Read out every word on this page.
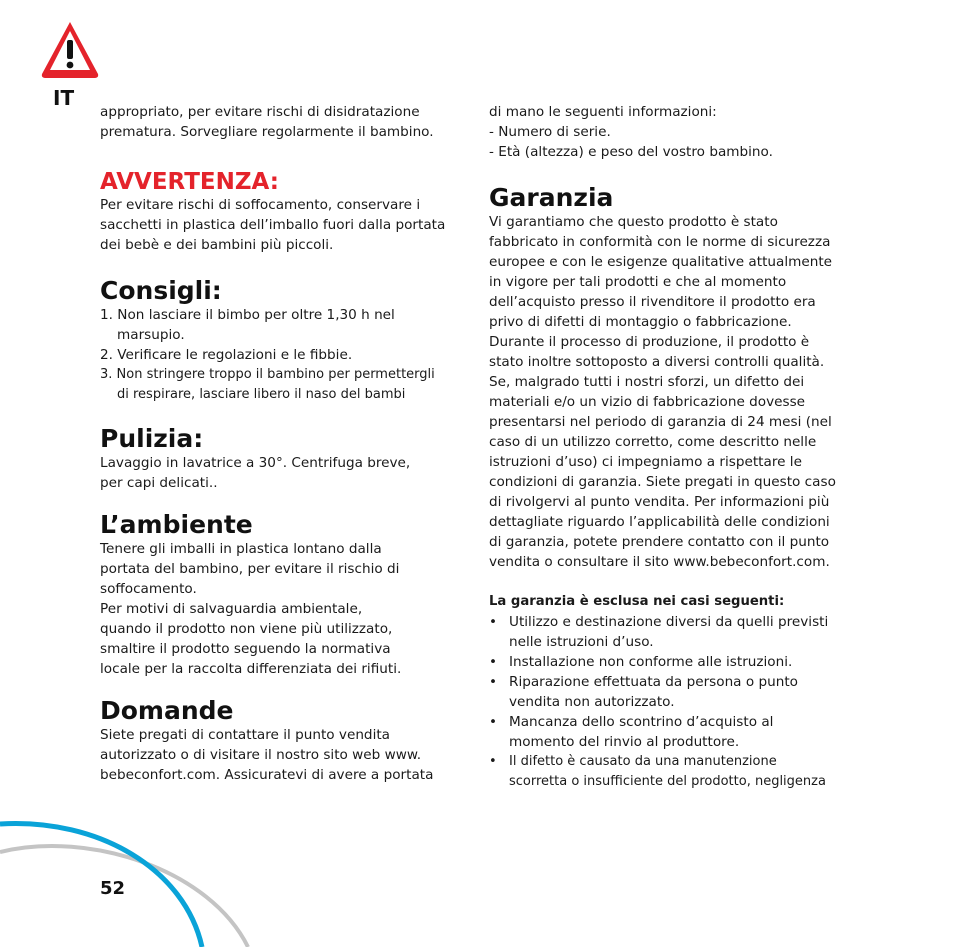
IT

appropriato, per evitare rischi di disidratazione

prematura. Sorvegliare regolarmente il bambino.

AVVERTENZA:

Per evitare rischi di soffocamento, conservare i

sacchetti in plastica dell’imballo fuori dalla portata

dei bebè e dei bambini più piccoli.

Consigli:
1. Non lasciare il bimbo per oltre 1,30 h nel
marsupio.
2. Verificare le regolazioni e le fibbie.
3. Non stringere troppo il bambino per permettergli
di respirare, lasciare libero il naso del bambi
Pulizia:

Lavaggio in lavatrice a 30°. Centrifuga breve,

per capi delicati..

L’ambiente

Tenere gli imballi in plastica lontano dalla

portata del bambino, per evitare il rischio di

soffocamento.

Per motivi di salvaguardia ambientale,

quando il prodotto non viene più utilizzato,

smaltire il prodotto seguendo la normativa

locale per la raccolta differenziata dei rifiuti.

Domande

Siete pregati di contattare il punto vendita

autorizzato o di visitare il nostro sito web www.

bebeconfort.com. Assicuratevi di avere a portata

di mano le seguenti informazioni:

- Numero di serie.

- Età (altezza) e peso del vostro bambino.

Garanzia

Vi garantiamo che questo prodotto è stato

fabbricato in conformità con le norme di sicurezza

europee e con le esigenze qualitative attualmente

in vigore per tali prodotti e che al momento

dell’acquisto presso il rivenditore il prodotto era

privo di difetti di montaggio o fabbricazione.

Durante il processo di produzione, il prodotto è

stato inoltre sottoposto a diversi controlli qualità.

Se, malgrado tutti i nostri sforzi, un difetto dei

materiali e/o un vizio di fabbricazione dovesse

presentarsi nel periodo di garanzia di 24 mesi (nel

caso di un utilizzo corretto, come descritto nelle

istruzioni d’uso) ci impegniamo a rispettare le

condizioni di garanzia. Siete pregati in questo caso

di rivolgervi al punto vendita. Per informazioni più

dettagliate riguardo l’applicabilità delle condizioni

di garanzia, potete prendere contatto con il punto

vendita o consultare il sito www.bebeconfort.com.

La garanzia è esclusa nei casi seguenti:

• Utilizzo e destinazione diversi da quelli previsti
nelle istruzioni d’uso.
• Installazione non conforme alle istruzioni.
• Riparazione effettuata da persona o punto
vendita non autorizzato.
• Mancanza dello scontrino d’acquisto al
momento del rinvio al produttore.
• Il difetto è causato da una manutenzione
scorretta o insufficiente del prodotto, negligenza
52
